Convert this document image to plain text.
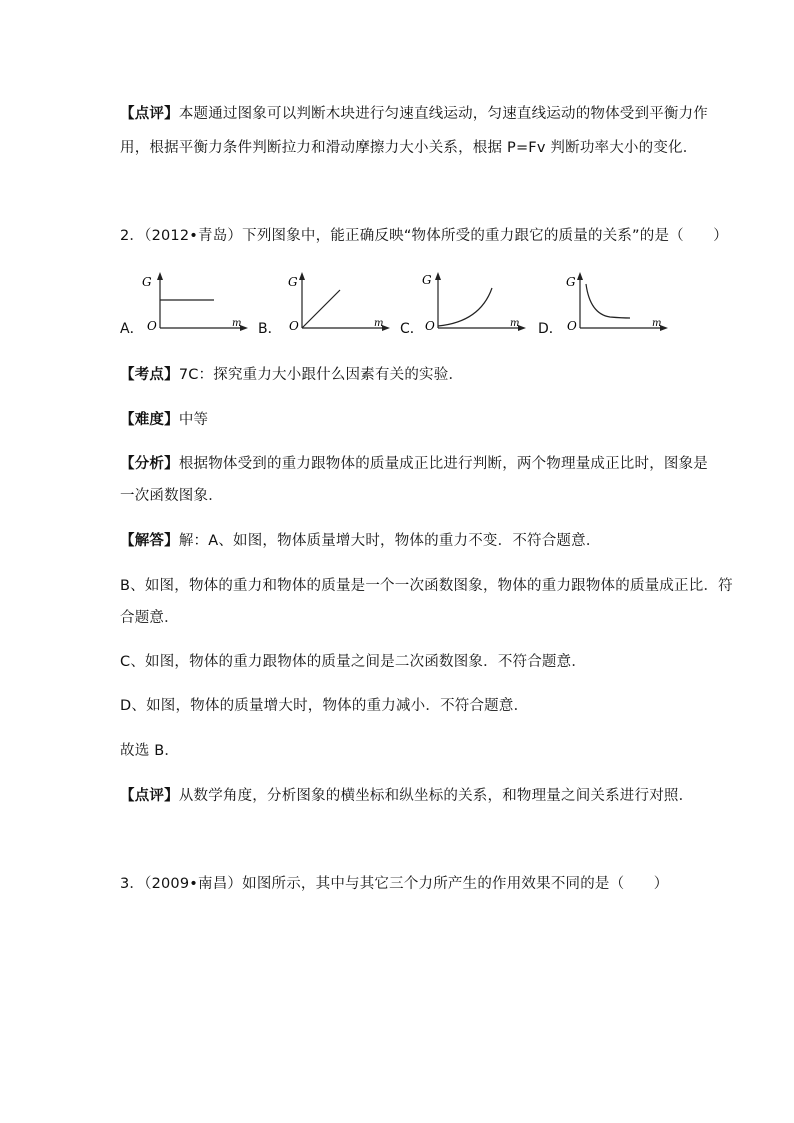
【点评】本题通过图象可以判断木块进行匀速直线运动，匀速直线运动的物体受到平衡力作
用，根据平衡力条件判断拉力和滑动摩擦力大小关系，根据 P=Fv 判断功率大小的变化．
2．（2012•青岛）下列图象中，能正确反映“物体所受的重力跟它的质量的关系”的是（　　）
A．
G
O	m B．
G
O	m C．
G
O	m D．
G
O	m
【考点】7C：探究重力大小跟什么因素有关的实验．
【难度】中等
【分析】根据物体受到的重力跟物体的质量成正比进行判断，两个物理量成正比时，图象是
一次函数图象．
【解答】解：A、如图，物体质量增大时，物体的重力不变．不符合题意．
B、如图，物体的重力和物体的质量是一个一次函数图象，物体的重力跟物体的质量成正比．符
合题意．
C、如图，物体的重力跟物体的质量之间是二次函数图象．不符合题意．
D、如图，物体的质量增大时，物体的重力减小．不符合题意．
故选 B．
【点评】从数学角度，分析图象的横坐标和纵坐标的关系，和物理量之间关系进行对照．
3．（2009•南昌）如图所示，其中与其它三个力所产生的作用效果不同的是（　　）
